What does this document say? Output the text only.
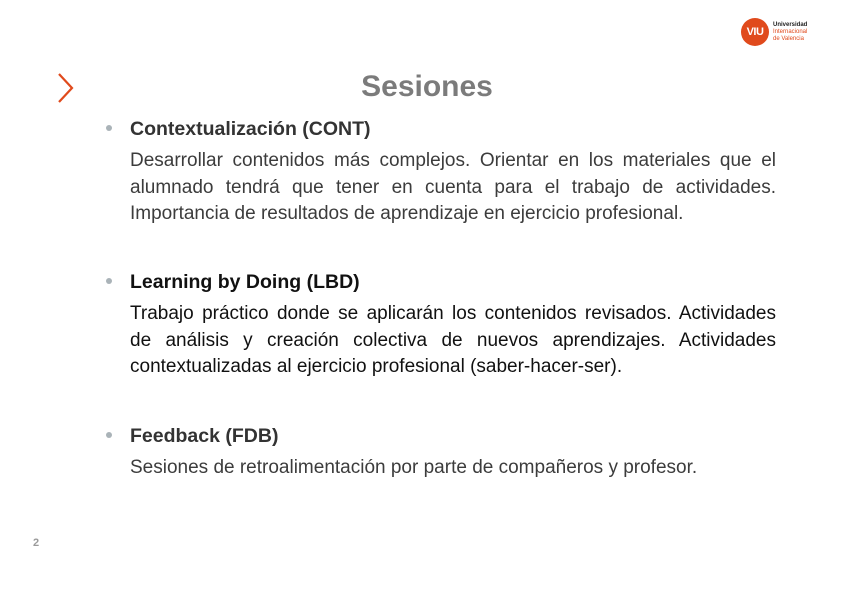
VIU
Universidad
Internacional
de Valencia
Sesiones
Contextualización (CONT)
Desarrollar contenidos más complejos. Orientar en los materiales que el alumnado tendrá que tener en cuenta para el trabajo de actividades. Importancia de resultados de aprendizaje en ejercicio profesional.
Learning by Doing (LBD)
Trabajo práctico donde se aplicarán los contenidos revisados. Actividades de análisis y creación colectiva de nuevos aprendizajes. Actividades contextualizadas al ejercicio profesional (saber-hacer-ser).
Feedback (FDB)
Sesiones de retroalimentación por parte de compañeros y profesor.
2
